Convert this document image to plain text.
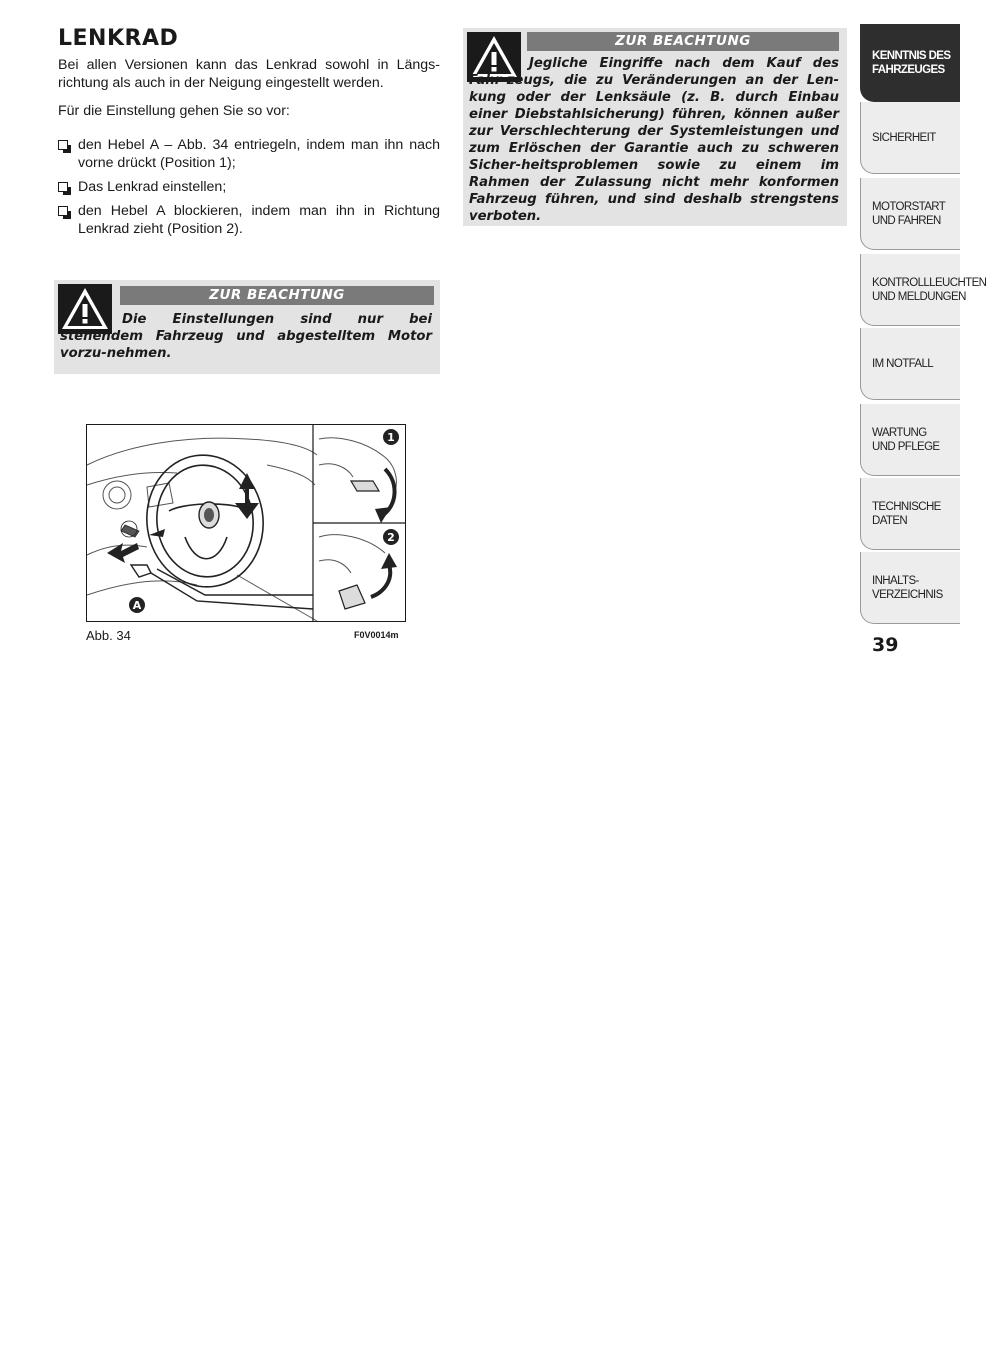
LENKRAD

Bei allen Versionen kann das Lenkrad sowohl in Längs-richtung als auch in der Neigung eingestellt werden.

Für die Einstellung gehen Sie so vor:

den Hebel A – Abb. 34 entriegeln, indem man ihn nach vorne drückt (Position 1);
Das Lenkrad einstellen;
den Hebel A blockieren, indem man ihn in Richtung Lenkrad zieht (Position 2).
ZUR BEACHTUNG

Die Einstellungen sind nur bei stehendem Fahrzeug und abgestelltem Motor vorzu-nehmen.

ZUR BEACHTUNG

Jegliche Eingriffe nach dem Kauf des Fahr-zeugs, die zu Veränderungen an der Len-kung oder der Lenksäule (z. B. durch Einbau einer Diebstahlsicherung) führen, können außer zur Verschlechterung der Systemleistungen und zum Erlöschen der Garantie auch zu schweren Sicher-heitsproblemen sowie zu einem im Rahmen der Zulassung nicht mehr konformen Fahrzeug führen, und sind deshalb strengstens verboten.

1
2
A
Abb. 34	F0V0014m
KENNTNIS DES
FAHRZEUGES
SICHERHEIT
MOTORSTART
UND FAHREN
KONTROLLLEUCHTEN
UND MELDUNGEN
IM NOTFALL
WARTUNG
UND PFLEGE
TECHNISCHE DATEN
INHALTS-
VERZEICHNIS
39
